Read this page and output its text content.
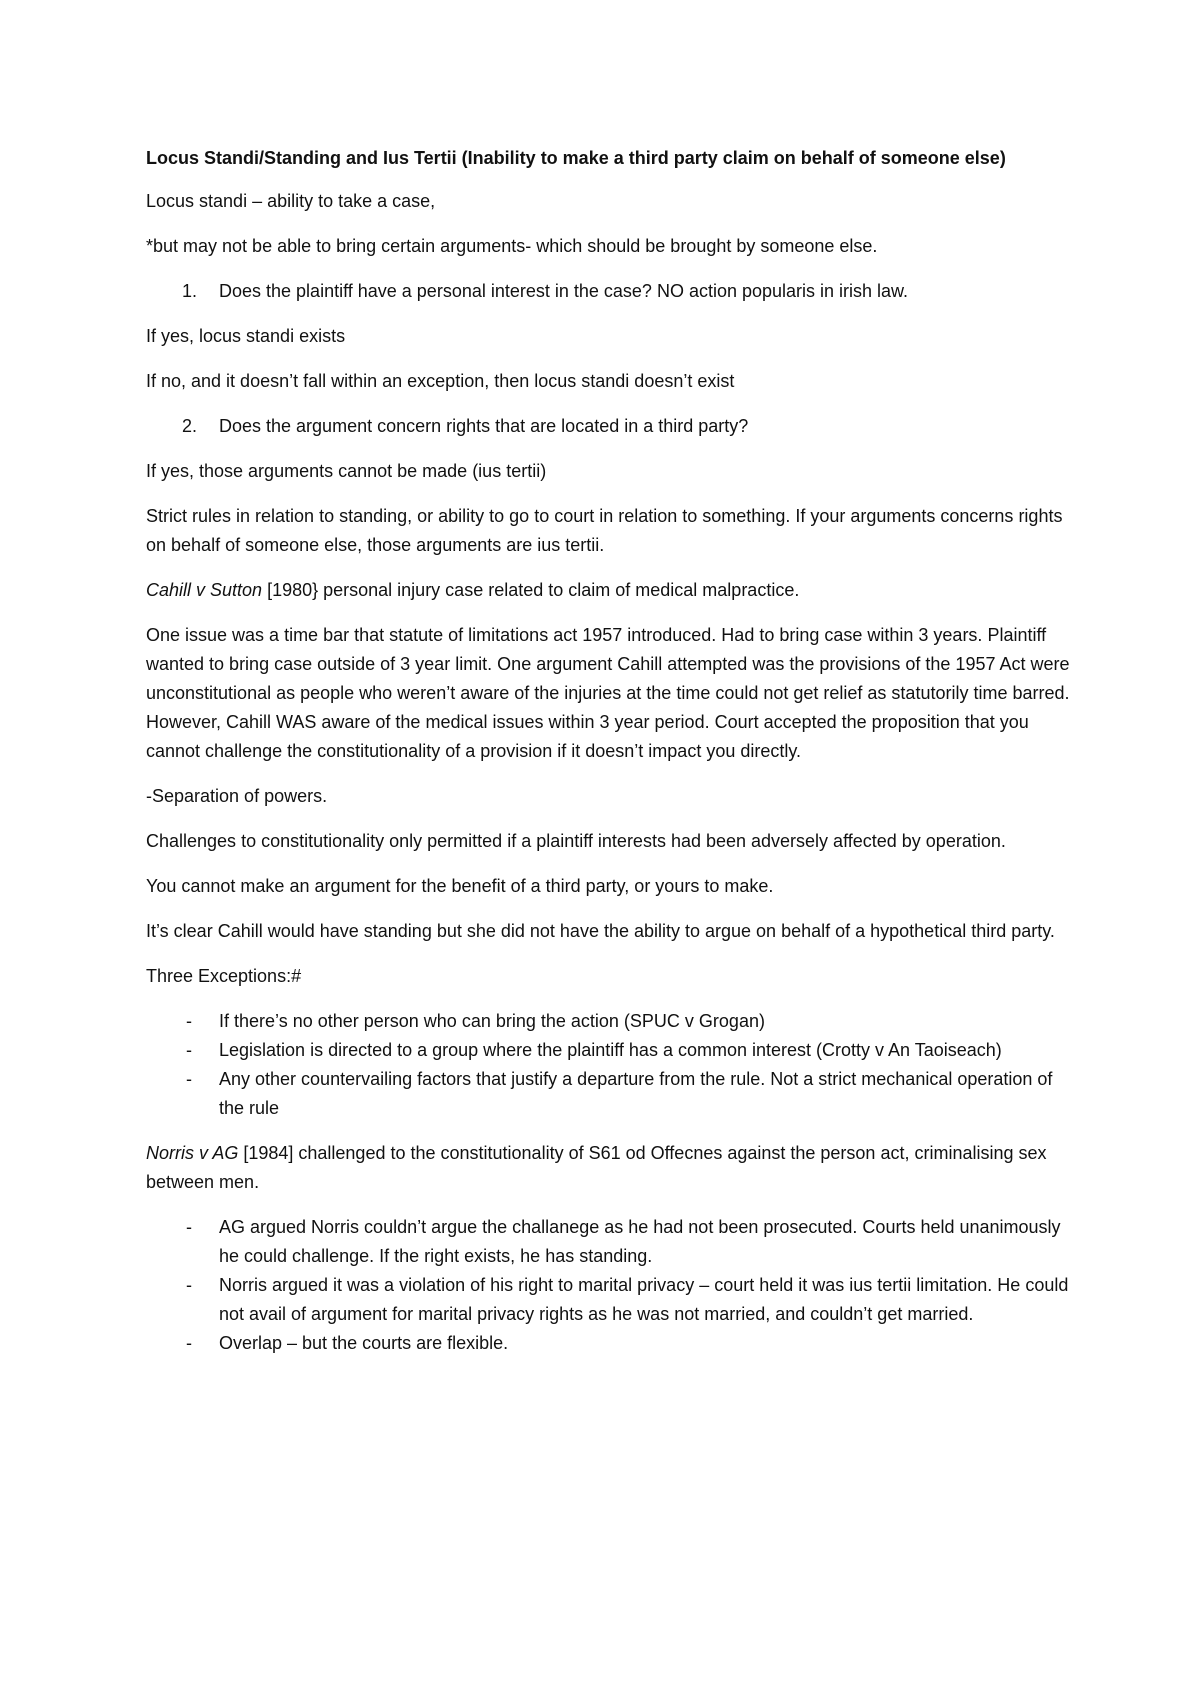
Locus Standi/Standing and Ius Tertii (Inability to make a third party claim on behalf of someone else)

Locus standi – ability to take a case,

*but may not be able to bring certain arguments- which should be brought by someone else.

1. Does the plaintiff have a personal interest in the case? NO action popularis in irish law.

If yes, locus standi exists

If no, and it doesn’t fall within an exception, then locus standi doesn’t exist

2. Does the argument concern rights that are located in a third party?

If yes, those arguments cannot be made (ius tertii)

Strict rules in relation to standing, or ability to go to court in relation to something. If your arguments concerns rights on behalf of someone else, those arguments are ius tertii.

Cahill v Sutton [1980} personal injury case related to claim of medical malpractice.

One issue was a time bar that statute of limitations act 1957 introduced. Had to bring case within 3 years. Plaintiff wanted to bring case outside of 3 year limit. One argument Cahill attempted was the provisions of the 1957 Act were unconstitutional as people who weren’t aware of the injuries at the time could not get relief as statutorily time barred. However, Cahill WAS aware of the medical issues within 3 year period. Court accepted the proposition that you cannot challenge the constitutionality of a provision if it doesn’t impact you directly.

-Separation of powers.

Challenges to constitutionality only permitted if a plaintiff interests had been adversely affected by operation.

You cannot make an argument for the benefit of a third party, or yours to make.

It’s clear Cahill would have standing but she did not have the ability to argue on behalf of a hypothetical third party.

Three Exceptions:#

- If there’s no other person who can bring the action (SPUC v Grogan)
- Legislation is directed to a group where the plaintiff has a common interest (Crotty v An Taoiseach)
- Any other countervailing factors that justify a departure from the rule. Not a strict mechanical operation of the rule

Norris v AG [1984] challenged to the constitutionality of S61 od Offecnes against the person act, criminalising sex between men.

- AG argued Norris couldn’t argue the challanege as he had not been prosecuted. Courts held unanimously he could challenge. If the right exists, he has standing.
- Norris argued it was a violation of his right to marital privacy – court held it was ius tertii limitation. He could not avail of argument for marital privacy rights as he was not married, and couldn’t get married.
- Overlap – but the courts are flexible.
